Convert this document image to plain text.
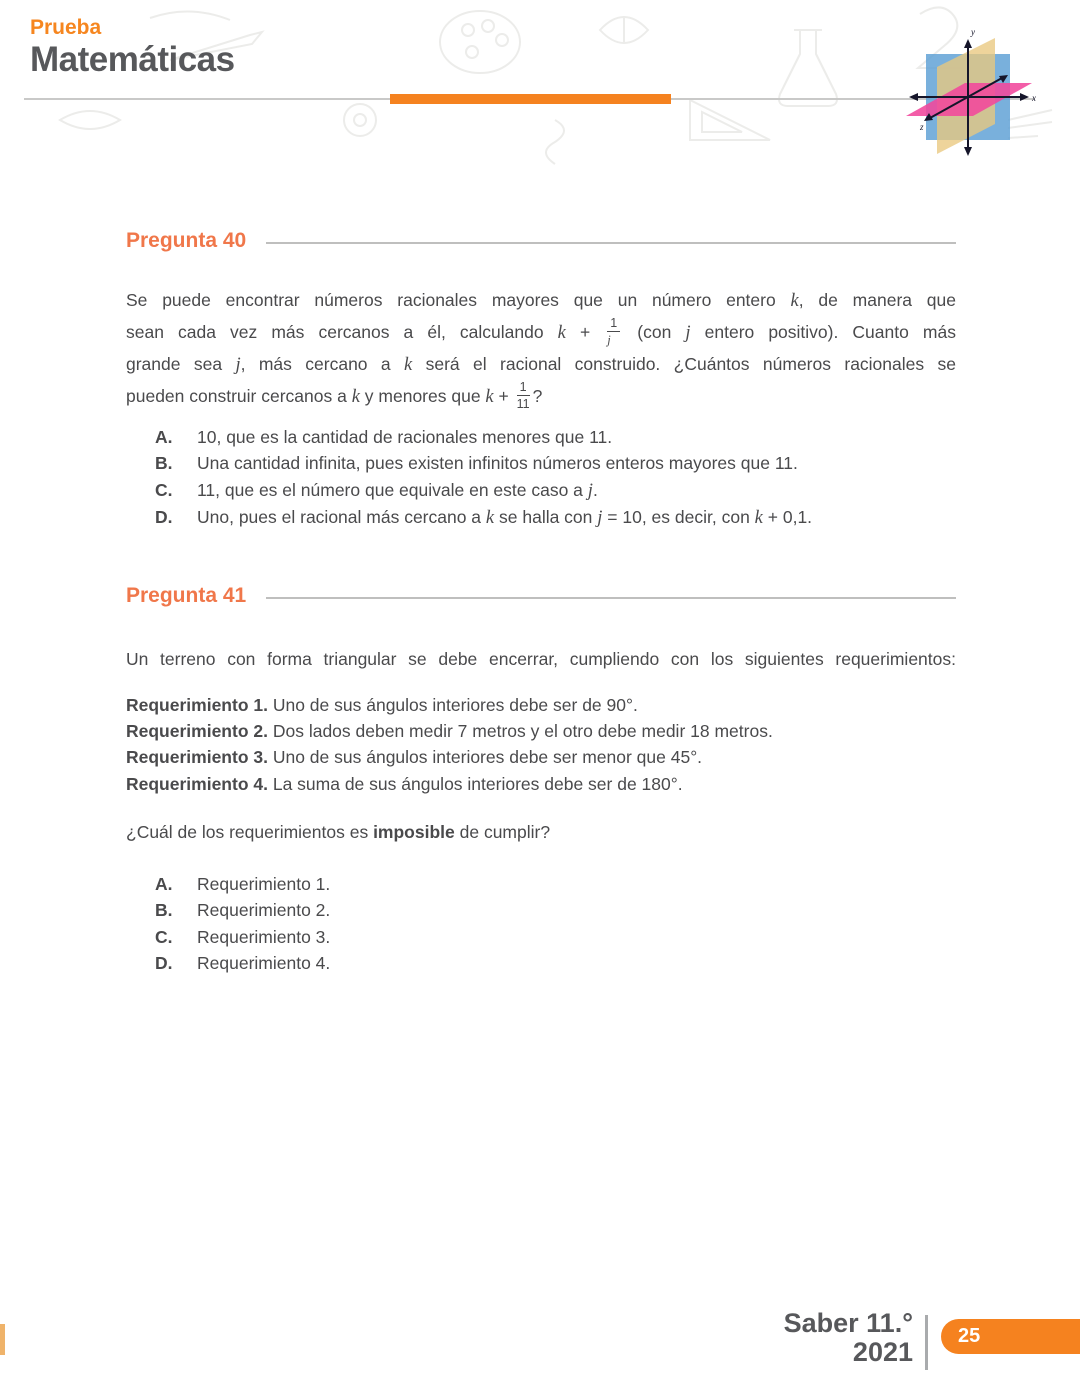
Prueba
Matemáticas
y
x
z
Pregunta 40
Se puede encontrar números racionales mayores que un número entero k, de manera que
sean cada vez más cercanos a él, calculando $k + \frac{1}{j} (con$ j entero positivo). Cuanto más
grande sea j, más cercano a k será el racional construido. ¿Cuántos números racionales se
pueden construir cercanos a k y menores que $k + \frac{1}{11}$ ?
A.	10, que es la cantidad de racionales menores que 11.
B.	Una cantidad infinita, pues existen infinitos números enteros mayores que 11.
C.	11, que es el número que equivale en este caso a j.
D.	Uno, pues el racional más cercano a k se halla con j = 10, es decir, con k + 0,1.
Pregunta 41
Un terreno con forma triangular se debe encerrar, cumpliendo con los siguientes requerimientos:
Requerimiento 1. Uno de sus ángulos interiores debe ser de 90°.
Requerimiento 2. Dos lados deben medir 7 metros y el otro debe medir 18 metros.
Requerimiento 3. Uno de sus ángulos interiores debe ser menor que 45°.
Requerimiento 4. La suma de sus ángulos interiores debe ser de 180°.
¿Cuál de los requerimientos es imposible de cumplir?
A.	Requerimiento 1.
B.	Requerimiento 2.
C.	Requerimiento 3.
D.	Requerimiento 4.
Saber 11.°
2021
25
